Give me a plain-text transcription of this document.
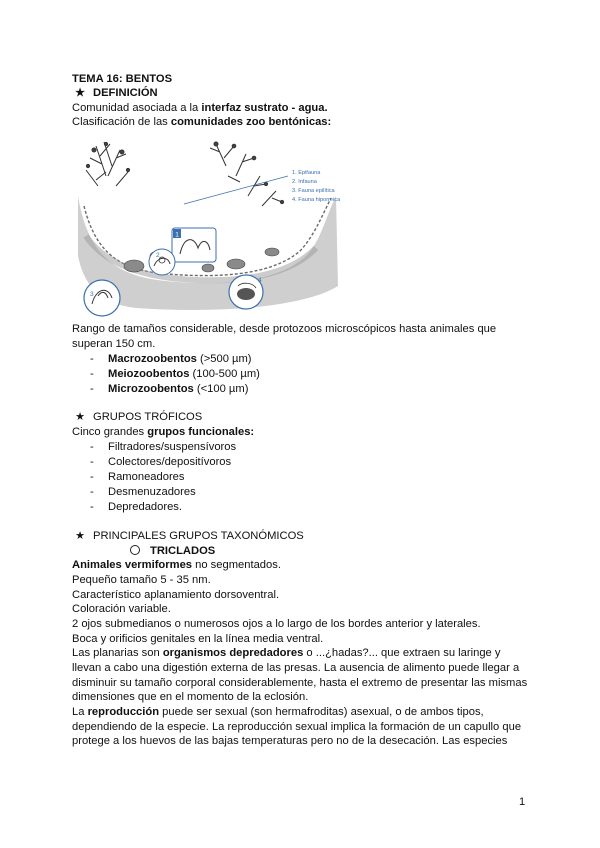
TEMA 16: BENTOS
★ DEFINICIÓN
Comunidad asociada a la interfaz sustrato - agua.
Clasificación de las comunidades zoo bentónicas:
1
2
3
4
1. Epifauna
2. Infauna
3. Fauna epilítica
4. Fauna hiporreica
Rango de tamaños considerable, desde protozoos microscópicos hasta animales que
superan 150 cm.
- Macrozoobentos (>500 µm)
- Meiozoobentos (100-500 µm)
- Microzoobentos (<100 µm)
★ GRUPOS TRÓFICOS
Cinco grandes grupos funcionales:
- Filtradores/suspensívoros
- Colectores/depositívoros
- Ramoneadores
- Desmenuzadores
- Depredadores.
★ PRINCIPALES GRUPOS TAXONÓMICOS
TRICLADOS
Animales vermiformes no segmentados.
Pequeño tamaño 5 - 35 nm.
Característico aplanamiento dorsoventral.
Coloración variable.
2 ojos submedianos o numerosos ojos a lo largo de los bordes anterior y laterales.
Boca y orificios genitales en la línea media ventral.
Las planarias son organismos depredadores o ...¿hadas?... que extraen su laringe y
llevan a cabo una digestión externa de las presas. La ausencia de alimento puede llegar a
disminuir su tamaño corporal considerablemente, hasta el extremo de presentar las mismas
dimensiones que en el momento de la eclosión.
La reproducción puede ser sexual (son hermafroditas) asexual, o de ambos tipos,
dependiendo de la especie. La reproducción sexual implica la formación de un capullo que
protege a los huevos de las bajas temperaturas pero no de la desecación. Las especies
1
